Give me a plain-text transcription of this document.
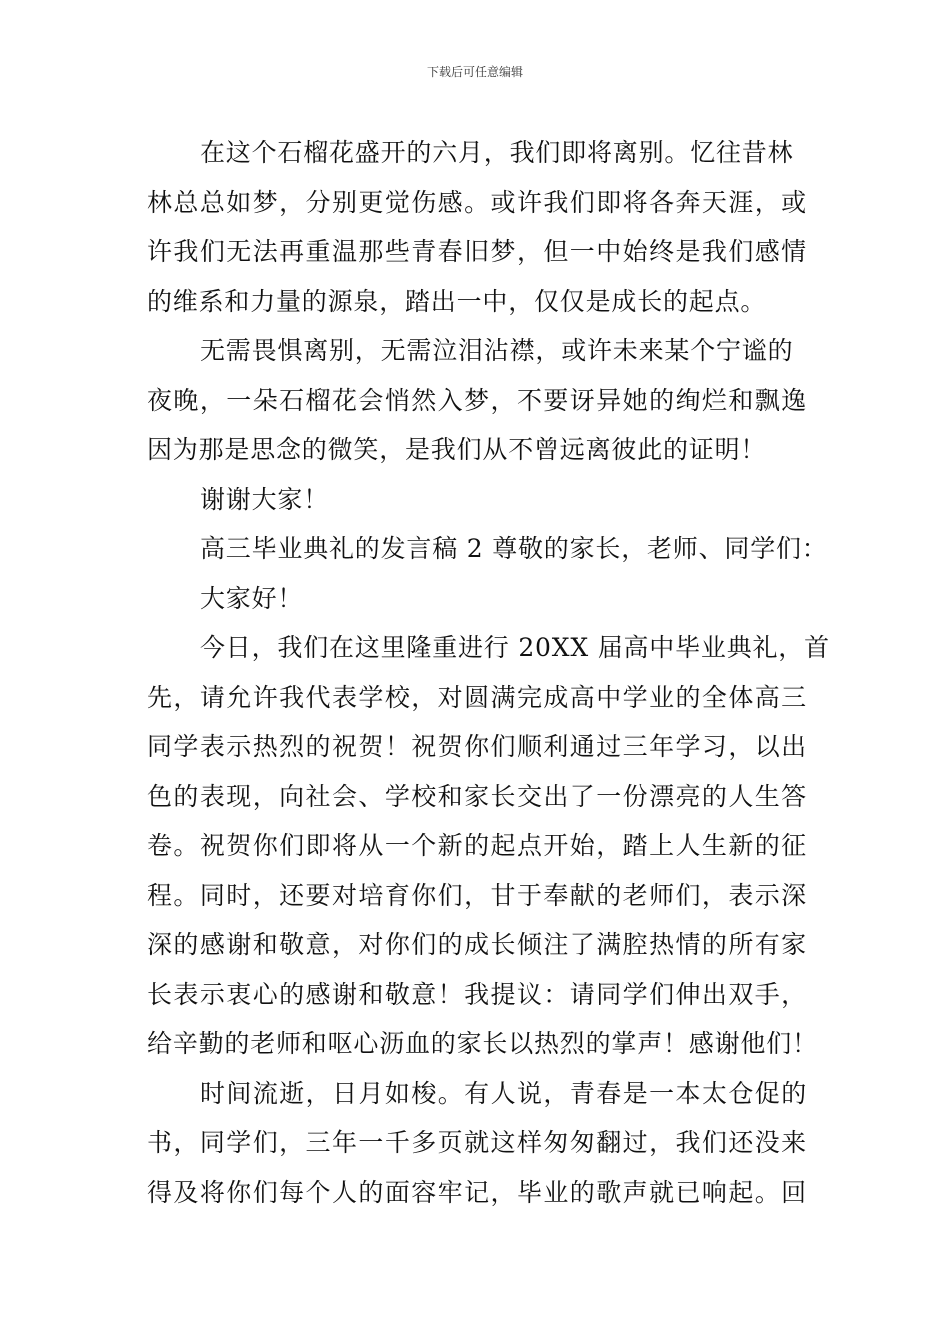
下载后可任意编辑
在这个石榴花盛开的六月，我们即将离别。忆往昔林
林总总如梦，分别更觉伤感。或许我们即将各奔天涯，或
许我们无法再重温那些青春旧梦，但一中始终是我们感情
的维系和力量的源泉，踏出一中，仅仅是成长的起点。
无需畏惧离别，无需泣泪沾襟，或许未来某个宁谧的
夜晚，一朵石榴花会悄然入梦，不要讶异她的绚烂和飘逸
因为那是思念的微笑，是我们从不曾远离彼此的证明！
谢谢大家！
高三毕业典礼的发言稿 2 尊敬的家长，老师、同学们：
大家好！
今日，我们在这里隆重进行 20XX 届高中毕业典礼，首
先，请允许我代表学校，对圆满完成高中学业的全体高三
同学表示热烈的祝贺！祝贺你们顺利通过三年学习，以出
色的表现，向社会、学校和家长交出了一份漂亮的人生答
卷。祝贺你们即将从一个新的起点开始，踏上人生新的征
程。同时，还要对培育你们，甘于奉献的老师们，表示深
深的感谢和敬意，对你们的成长倾注了满腔热情的所有家
长表示衷心的感谢和敬意！我提议：请同学们伸出双手，
给辛勤的老师和呕心沥血的家长以热烈的掌声！感谢他们！
时间流逝，日月如梭。有人说，青春是一本太仓促的
书，同学们，三年一千多页就这样匆匆翻过，我们还没来
得及将你们每个人的面容牢记，毕业的歌声就已响起。回
